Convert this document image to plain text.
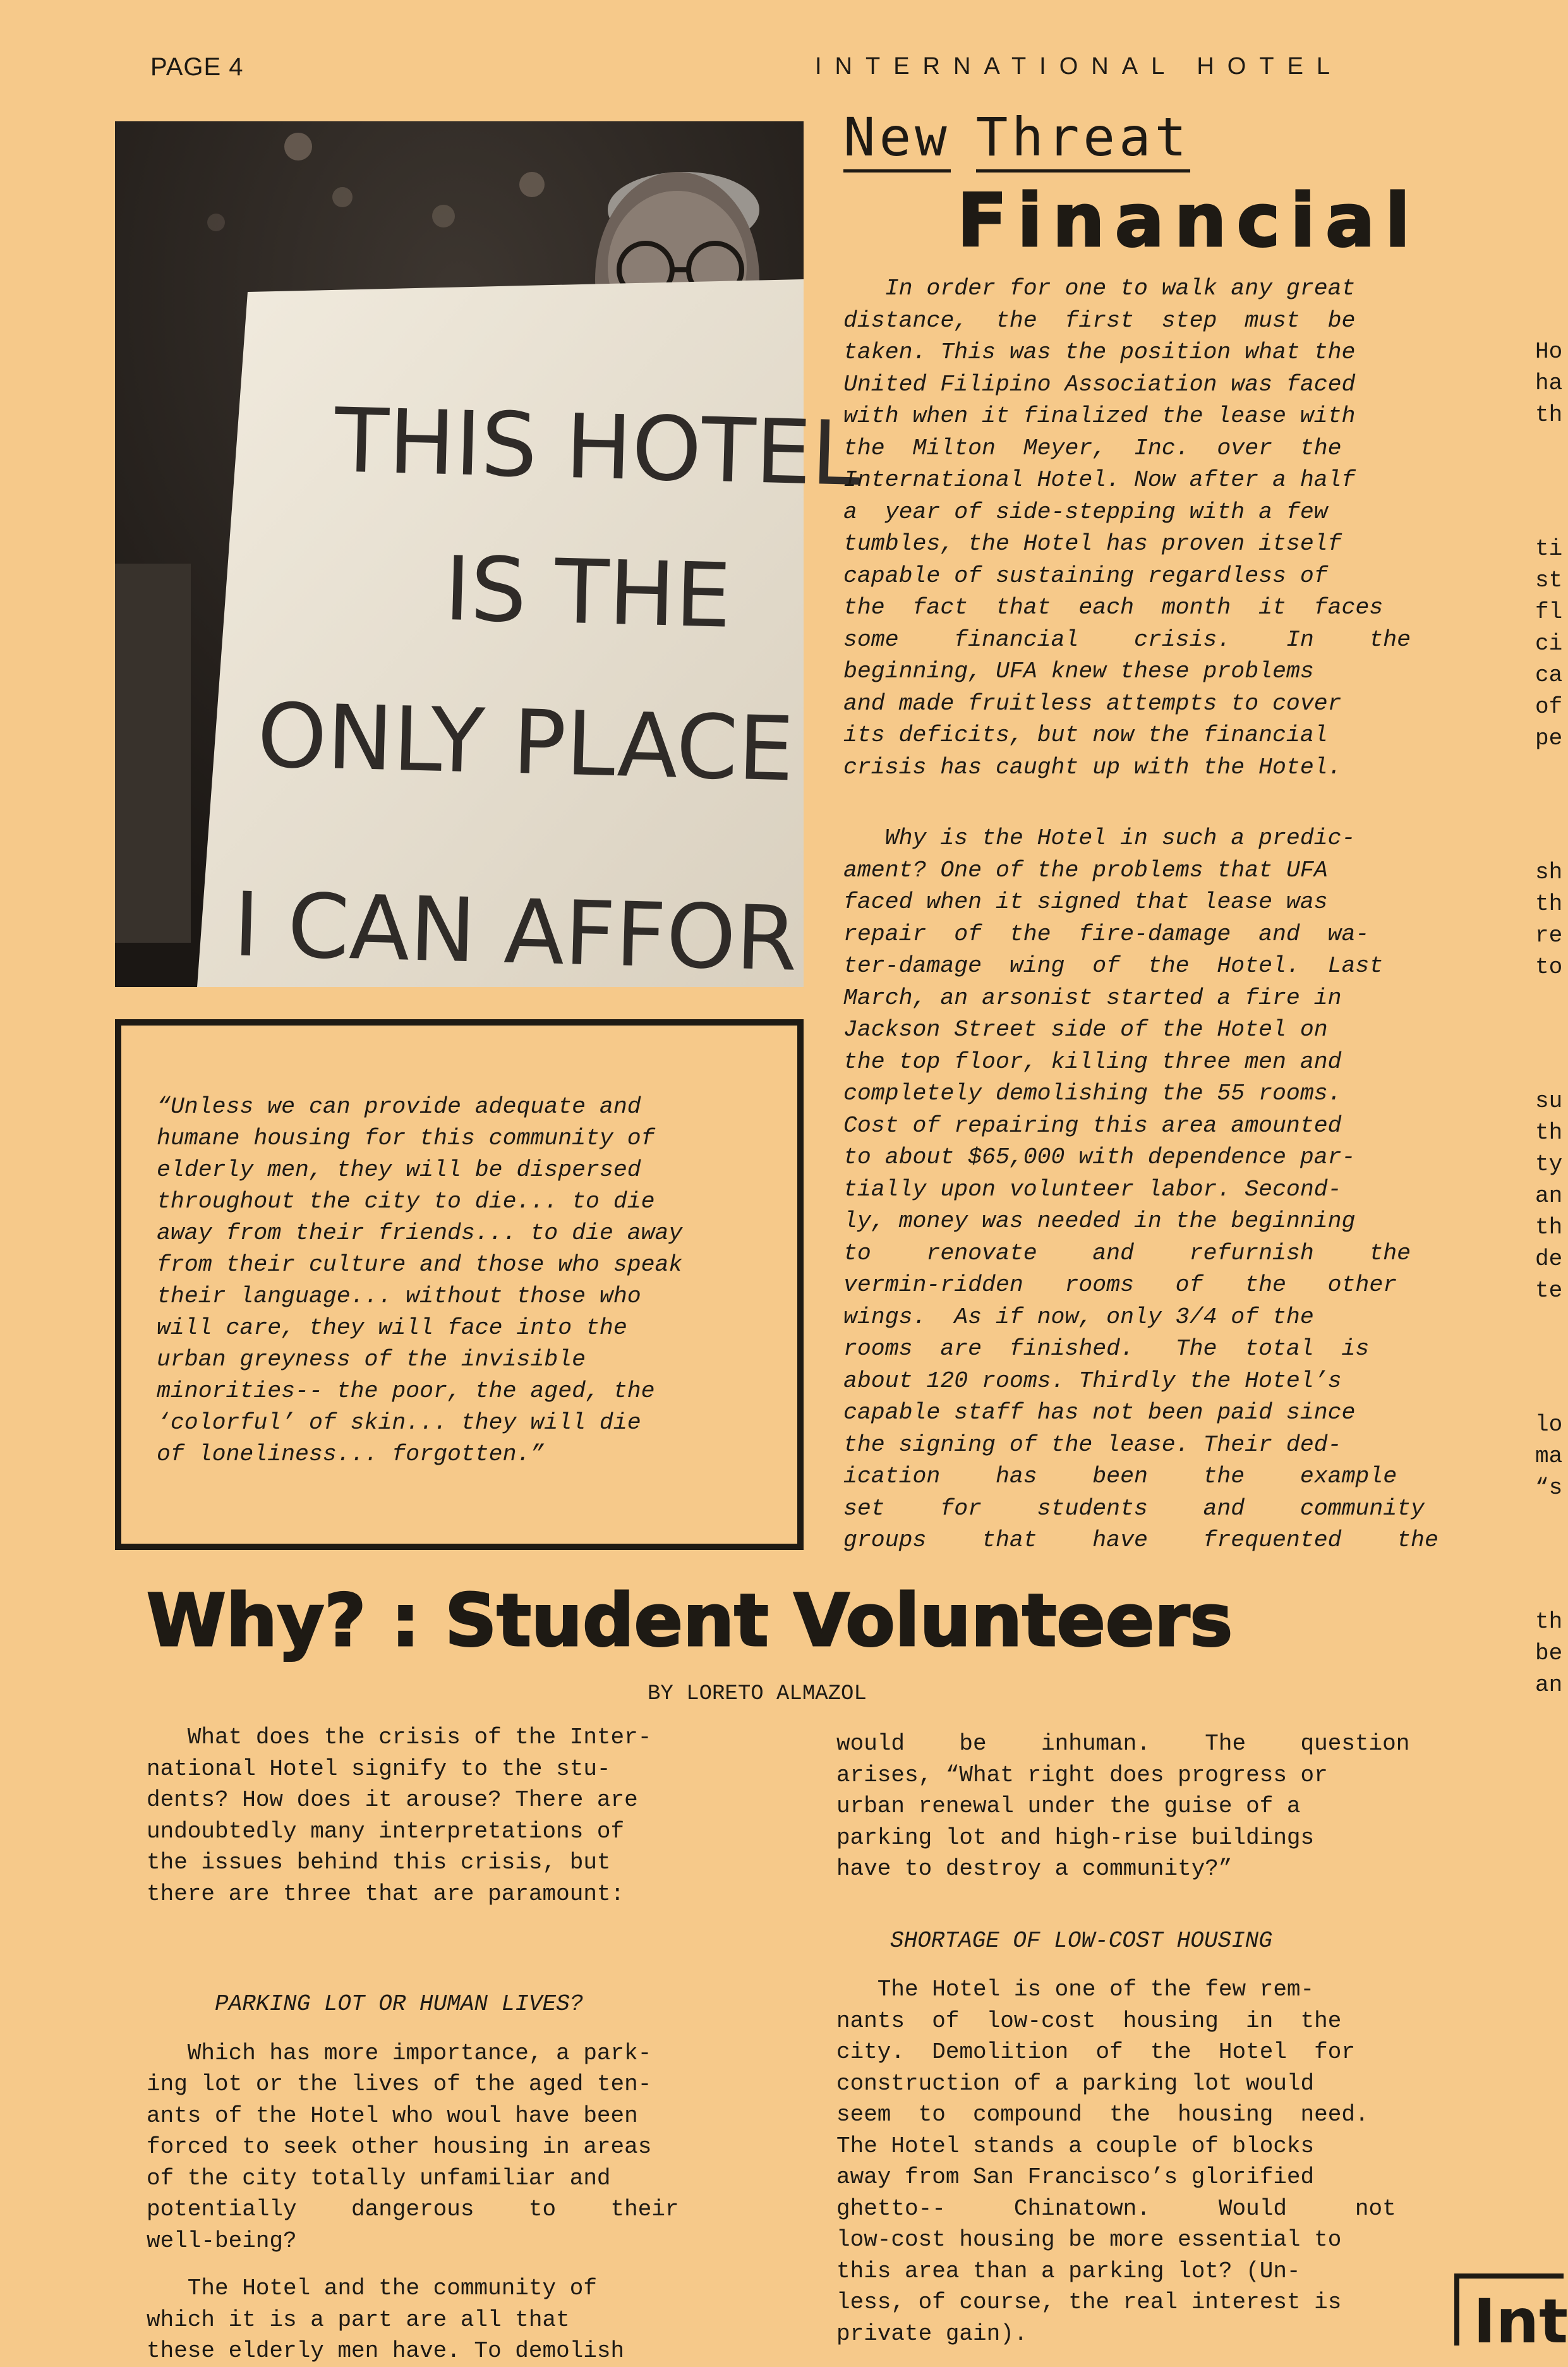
PAGE 4	INTERNATIONAL HOTEL
New Threat
Financial
THIS HOTEL
IS THE
ONLY PLACE
I CAN AFFOR

“Unless we can provide adequate and
humane housing for this community of
elderly men, they will be dispersed
throughout the city to die... to die
away from their friends... to die away
from their culture and those who speak
their language... without those who
will care, they will face into the
urban greyness of the invisible
minorities-- the poor, the aged, the
‘colorful’ of skin... they will die
of loneliness... forgotten.”

In order for one to walk any great
distance,  the  first  step  must  be
taken. This was the position what the
United Filipino Association was faced
with when it finalized the lease with
the  Milton  Meyer,  Inc.  over  the
International Hotel. Now after a half
a  year of side-stepping with a few
tumbles, the Hotel has proven itself
capable of sustaining regardless of
the  fact  that  each  month  it  faces
some    financial    crisis.    In    the
beginning, UFA knew these problems
and made fruitless attempts to cover
its deficits, but now the financial
crisis has caught up with the Hotel.

Why is the Hotel in such a predic-
ament? One of the problems that UFA
faced when it signed that lease was
repair  of  the  fire-damage  and  wa-
ter-damage  wing  of  the  Hotel.  Last
March, an arsonist started a fire in
Jackson Street side of the Hotel on
the top floor, killing three men and
completely demolishing the 55 rooms.
Cost of repairing this area amounted
to about $65,000 with dependence par-
tially upon volunteer labor. Second-
ly, money was needed in the beginning
to    renovate    and    refurnish    the
vermin-ridden   rooms   of   the   other
wings.  As if now, only 3/4 of the
rooms  are  finished.   The  total  is
about 120 rooms. Thirdly the Hotel’s
capable staff has not been paid since
the signing of the lease. Their ded-
ication    has    been    the    example
set    for    students    and    community
groups    that    have    frequented    the

Ho
ha
th

ti
st
fl
ci
ca
of
pe

sh
th
re
to

su
th
ty
an
th
de
te

lo
ma
“s

th
be
an

Why? : Student Volunteers
BY LORETO ALMAZOL

What does the crisis of the Inter-
national Hotel signify to the stu-
dents? How does it arouse? There are
undoubtedly many interpretations of
the issues behind this crisis, but
there are three that are paramount:

PARKING LOT OR HUMAN LIVES?

Which has more importance, a park-
ing lot or the lives of the aged ten-
ants of the Hotel who woul have been
forced to seek other housing in areas
of the city totally unfamiliar and
potentially    dangerous    to    their
well-being?

The Hotel and the community of
which it is a part are all that
these elderly men have. To demolish

would    be    inhuman.    The    question
arises, “What right does progress or
urban renewal under the guise of a
parking lot and high-rise buildings
have to destroy a community?”

SHORTAGE OF LOW-COST HOUSING

The Hotel is one of the few rem-
nants  of  low-cost  housing  in  the
city.  Demolition  of  the  Hotel  for
construction of a parking lot would
seem  to  compound  the  housing  need.
The Hotel stands a couple of blocks
away from San Francisco’s glorified
ghetto--     Chinatown.     Would     not
low-cost housing be more essential to
this area than a parking lot? (Un-
less, of course, the real interest is
private gain).	Int
